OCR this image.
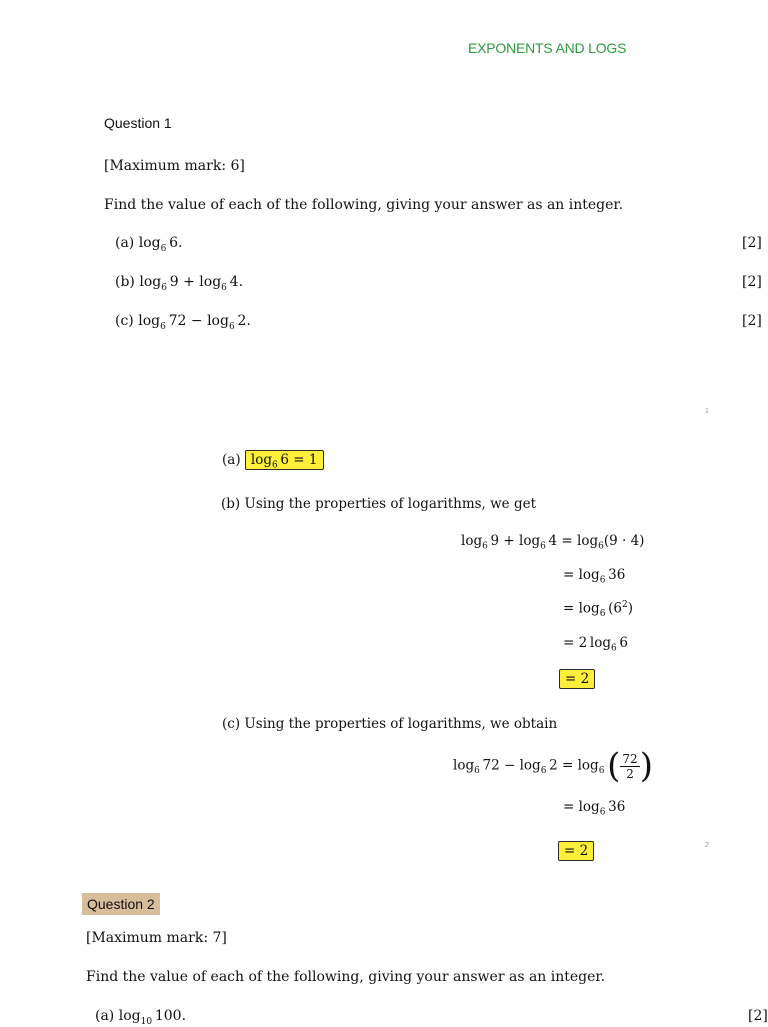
EXPONENTS AND LOGS
Question 1
[Maximum mark: 6]
Find the value of each of the following, giving your answer as an integer.
(a) $\log_6 6$.	[2]
(b) $\log_6 9 + \log_6 4$.	[2]
(c) $\log_6 72 - \log_6 2$.	[2]
1
(a) $\log_6 6 = 1$
(b) Using the properties of logarithms, we get
$\log_6 9 + \log_6 4 = \log_6(9 \cdot 4)$
= $\log_6 36$
= $\log_6 (6^2)$
= 2 $\log_6 6$
= 2
(c) Using the properties of logarithms, we obtain
$\log_6 72 - \log_6 2 = \log_6$ ( $\frac{72}{2}$ )
= $\log_6 36$
= 2	2
Question 2
[Maximum mark: 7]
Find the value of each of the following, giving your answer as an integer.
(a) $\log_{10} 100$.	[2]
